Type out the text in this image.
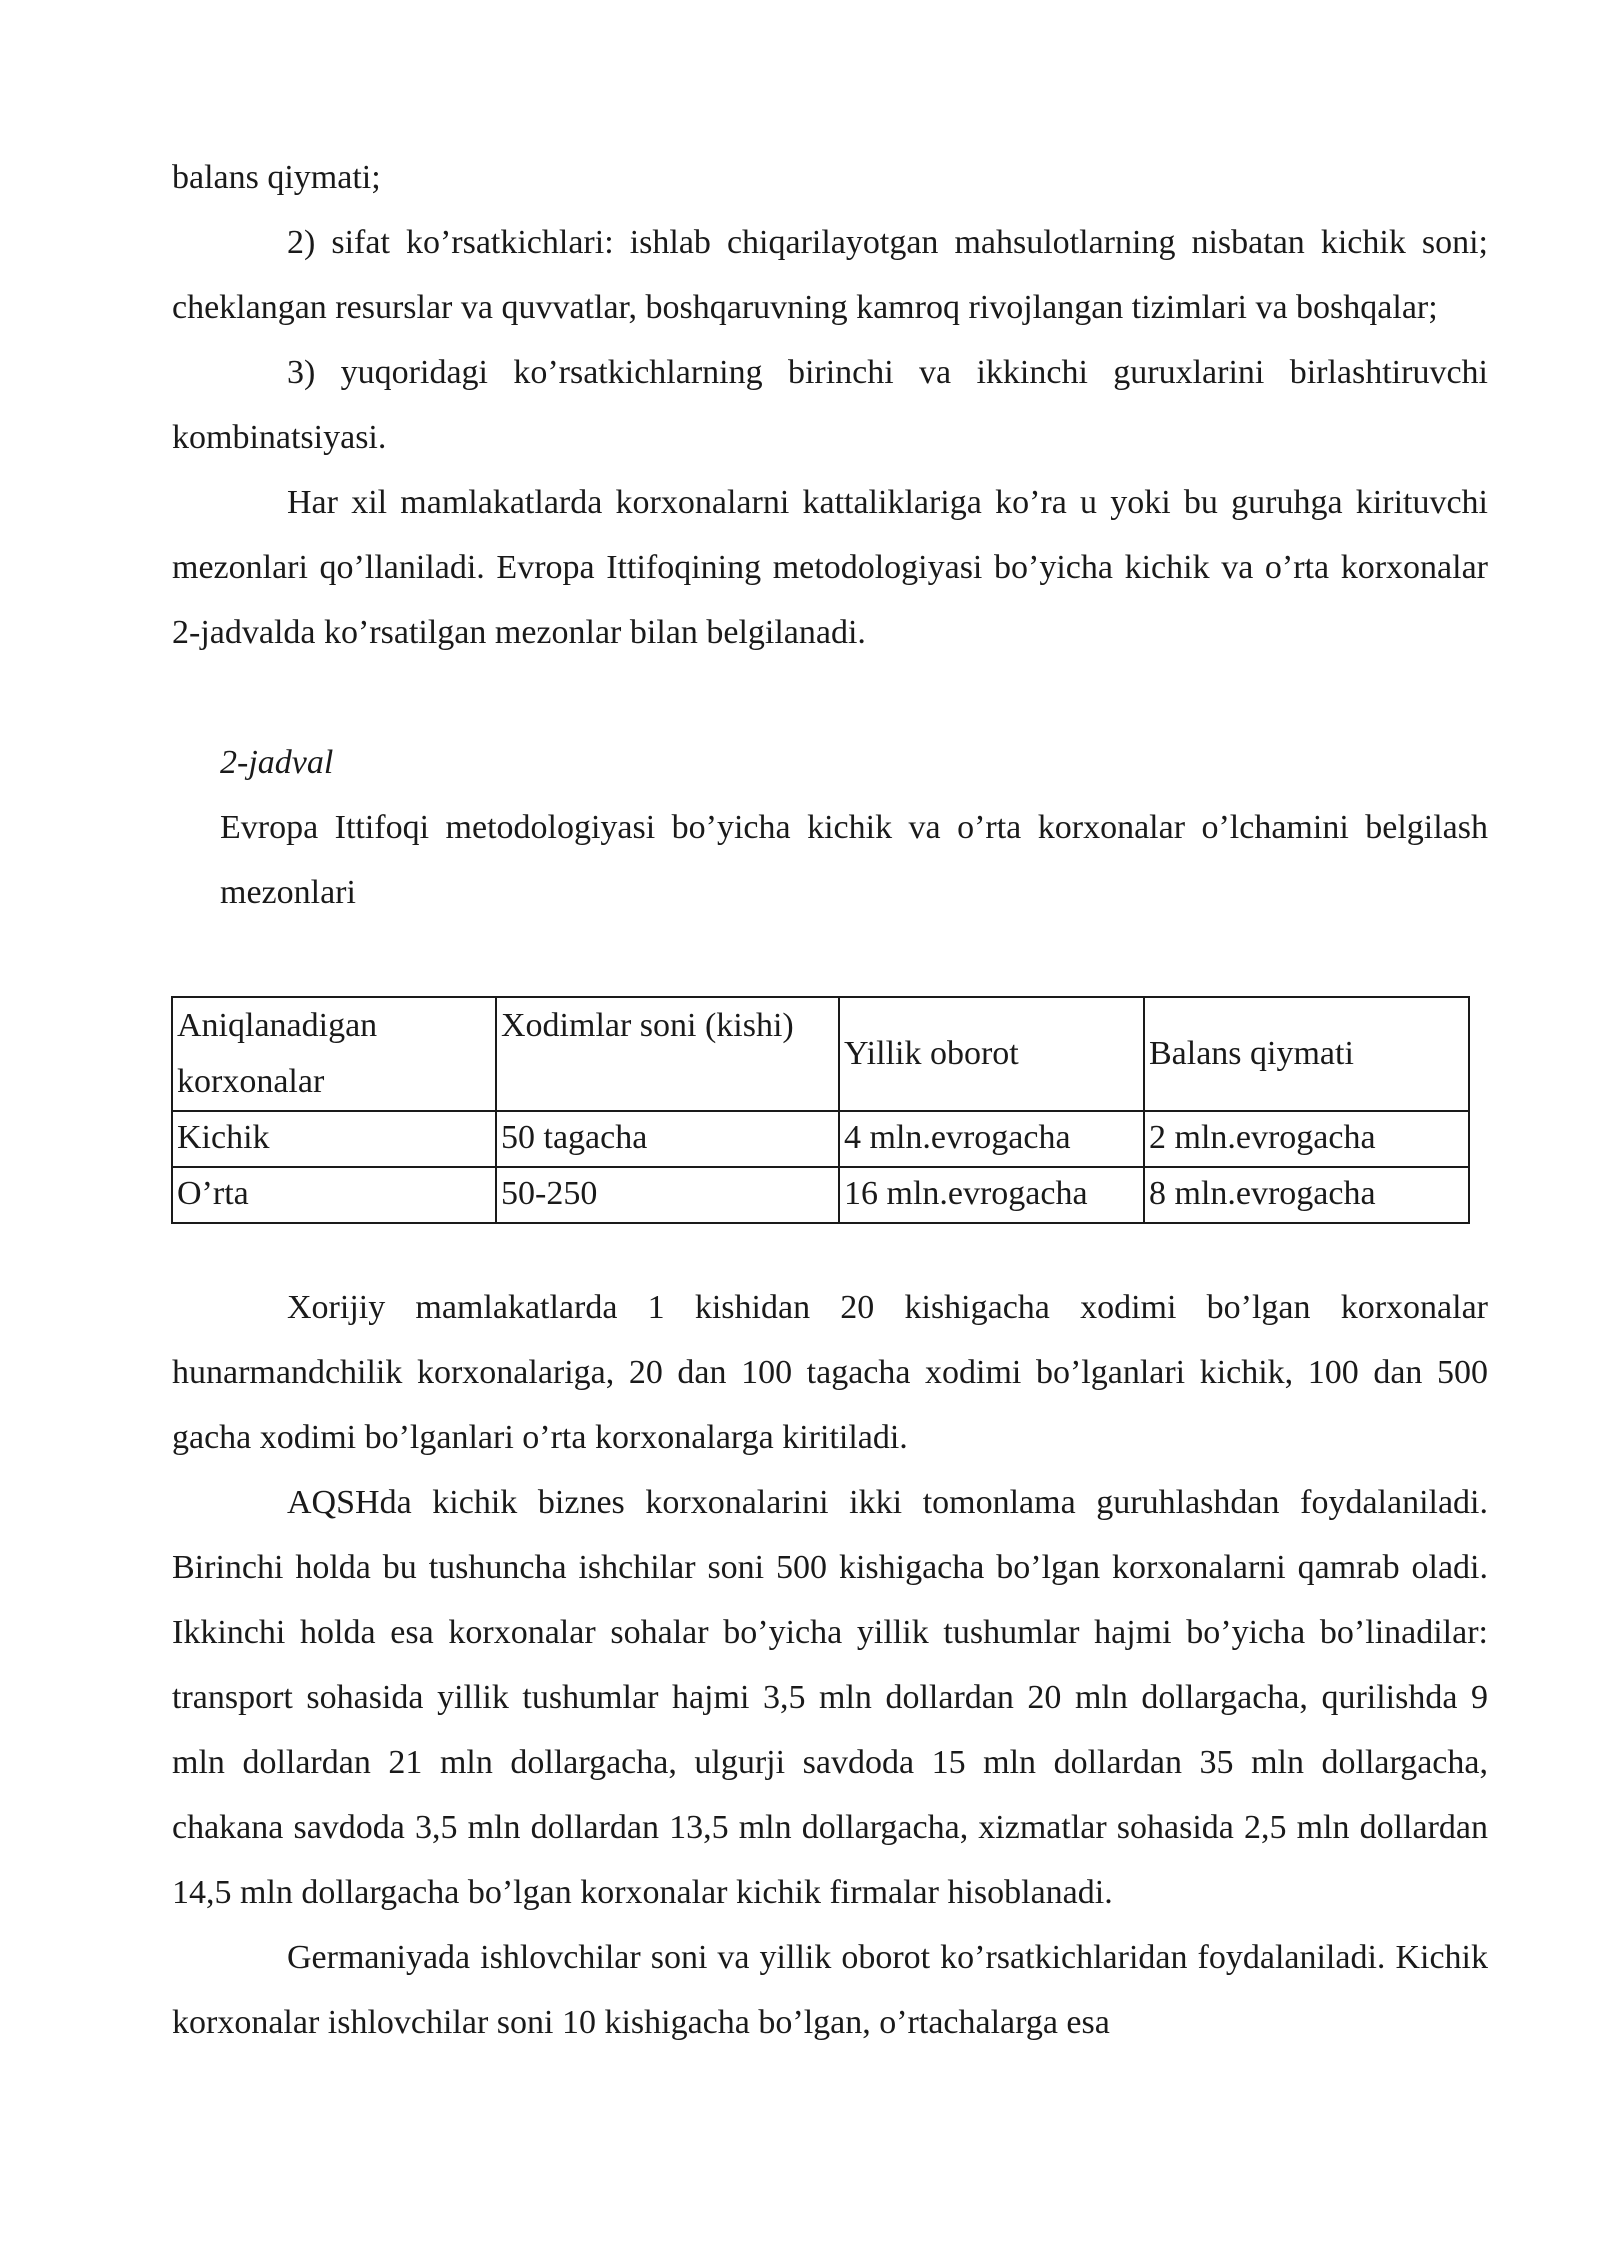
balans qiymati;

2) sifat ko’rsatkichlari: ishlab chiqarilayotgan mahsulotlarning nisbatan kichik soni; cheklangan resurslar va quvvatlar, boshqaruvning kamroq rivojlangan tizimlari va boshqalar;

3) yuqoridagi ko’rsatkichlarning birinchi va ikkinchi guruxlarini birlashtiruvchi kombinatsiyasi.

Har xil mamlakatlarda korxonalarni kattaliklariga ko’ra u yoki bu guruhga kirituvchi mezonlari qo’llaniladi. Evropa Ittifoqining metodologiyasi bo’yicha kichik va o’rta korxonalar 2-jadvalda ko’rsatilgan mezonlar bilan belgilanadi.

2-jadval

Evropa Ittifoqi metodologiyasi bo’yicha kichik va o’rta korxonalar o’lchamini belgilash mezonlari

Aniqlanadigan korxonalar	Xodimlar soni (kishi)	Yillik oborot	Balans qiymati
Kichik	50 tagacha	4 mln.evrogacha	2 mln.evrogacha
O’rta	50-250	16 mln.evrogacha	8 mln.evrogacha

Xorijiy mamlakatlarda 1 kishidan 20 kishigacha xodimi bo’lgan korxonalar hunarmandchilik korxonalariga, 20 dan 100 tagacha xodimi bo’lganlari kichik, 100 dan 500 gacha xodimi bo’lganlari o’rta korxonalarga kiritiladi.

AQSHda kichik biznes korxonalarini ikki tomonlama guruhlashdan foydalaniladi. Birinchi holda bu tushuncha ishchilar soni 500 kishigacha bo’lgan korxonalarni qamrab oladi. Ikkinchi holda esa korxonalar sohalar bo’yicha yillik tushumlar hajmi bo’yicha bo’linadilar: transport sohasida yillik tushumlar hajmi 3,5 mln dollardan 20 mln dollargacha, qurilishda 9 mln dollardan 21 mln dollargacha, ulgurji savdoda 15 mln dollardan 35 mln dollargacha, chakana savdoda 3,5 mln dollardan 13,5 mln dollargacha, xizmatlar sohasida 2,5 mln dollardan 14,5 mln dollargacha bo’lgan korxonalar kichik firmalar hisoblanadi.

Germaniyada ishlovchilar soni va yillik oborot ko’rsatkichlaridan foydalaniladi. Kichik korxonalar ishlovchilar soni 10 kishigacha bo’lgan, o’rtachalarga esa
